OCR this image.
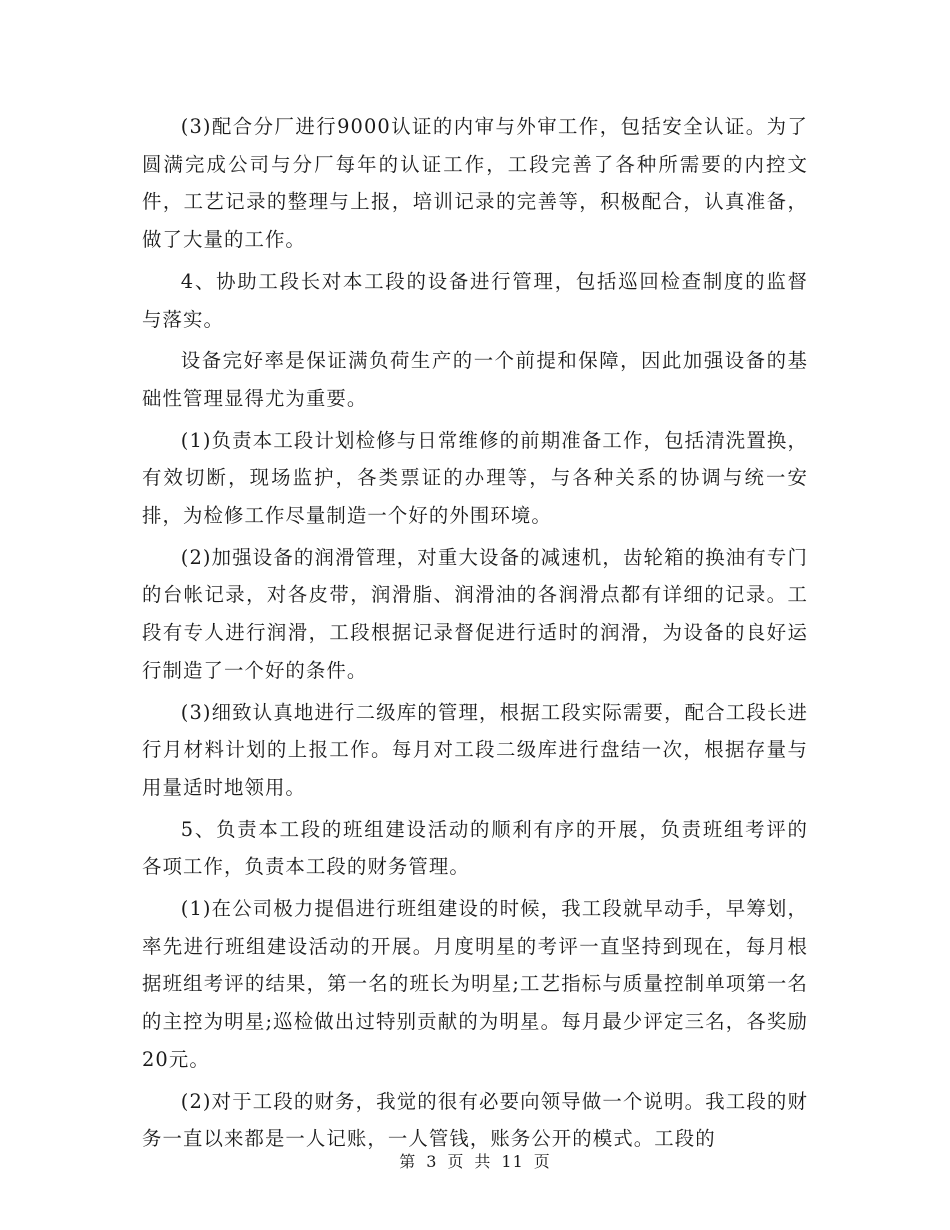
(3)配合分厂进行9000认证的内审与外审工作，包括安全认证。为了圆满完成公司与分厂每年的认证工作，工段完善了各种所需要的内控文件，工艺记录的整理与上报，培训记录的完善等，积极配合，认真准备，做了大量的工作。

4、协助工段长对本工段的设备进行管理，包括巡回检查制度的监督与落实。

设备完好率是保证满负荷生产的一个前提和保障，因此加强设备的基础性管理显得尤为重要。

(1)负责本工段计划检修与日常维修的前期准备工作，包括清洗置换，有效切断，现场监护，各类票证的办理等，与各种关系的协调与统一安排，为检修工作尽量制造一个好的外围环境。

(2)加强设备的润滑管理，对重大设备的减速机，齿轮箱的换油有专门的台帐记录，对各皮带，润滑脂、润滑油的各润滑点都有详细的记录。工段有专人进行润滑，工段根据记录督促进行适时的润滑，为设备的良好运行制造了一个好的条件。

(3)细致认真地进行二级库的管理，根据工段实际需要，配合工段长进行月材料计划的上报工作。每月对工段二级库进行盘结一次，根据存量与用量适时地领用。

5、负责本工段的班组建设活动的顺利有序的开展，负责班组考评的各项工作，负责本工段的财务管理。

(1)在公司极力提倡进行班组建设的时候，我工段就早动手，早筹划，率先进行班组建设活动的开展。月度明星的考评一直坚持到现在，每月根据班组考评的结果，第一名的班长为明星;工艺指标与质量控制单项第一名的主控为明星;巡检做出过特别贡献的为明星。每月最少评定三名，各奖励20元。

(2)对于工段的财务，我觉的很有必要向领导做一个说明。我工段的财务一直以来都是一人记账，一人管钱，账务公开的模式。工段的

第 3 页 共 11 页
